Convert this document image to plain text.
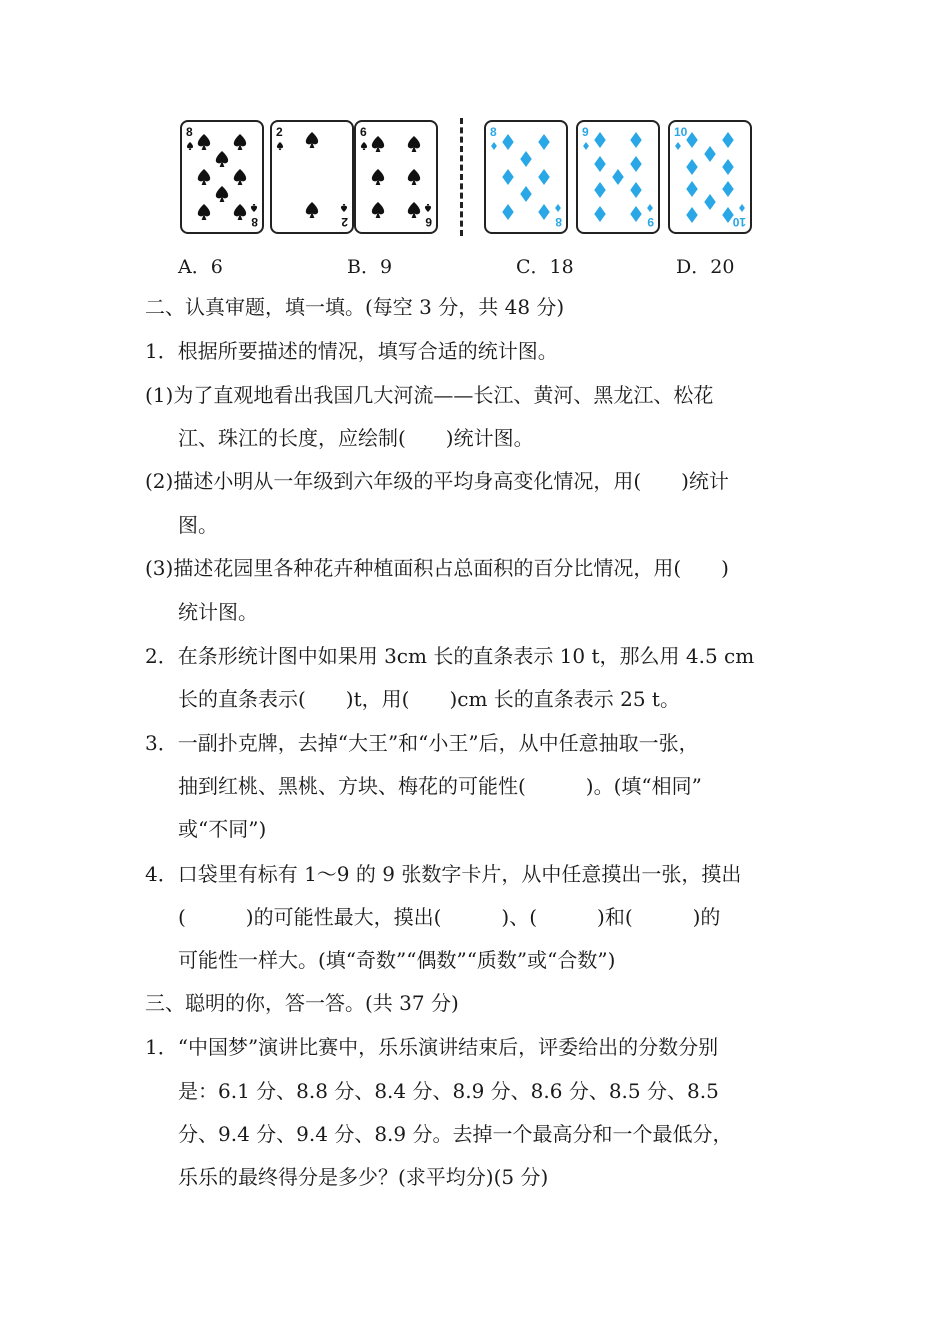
8
8
2
2
6
6
8
8
9
9
10
10
A．6	B．9	C．18	D．20
二、认真审题，填一填。(每空 3 分，共 48 分)
1．根据所要描述的情况，填写合适的统计图。
(1)为了直观地看出我国几大河流——长江、黄河、黑龙江、松花
江、珠江的长度，应绘制(　　)统计图。
(2)描述小明从一年级到六年级的平均身高变化情况，用(　　)统计
图。
(3)描述花园里各种花卉种植面积占总面积的百分比情况，用(　　)
统计图。
2．在条形统计图中如果用 3cm 长的直条表示 10 t，那么用 4.5 cm
长的直条表示(　　)t，用(　　)cm 长的直条表示 25 t。
3．一副扑克牌，去掉“大王”和“小王”后，从中任意抽取一张，
抽到红桃、黑桃、方块、梅花的可能性(　　　)。(填“相同”
或“不同”)
4．口袋里有标有 1～9 的 9 张数字卡片，从中任意摸出一张，摸出
(　　　)的可能性最大，摸出(　　　)、(　　　)和(　　　)的
可能性一样大。(填“奇数”“偶数”“质数”或“合数”)
三、聪明的你，答一答。(共 37 分)
1．“中国梦”演讲比赛中，乐乐演讲结束后，评委给出的分数分别
是：6.1 分、8.8 分、8.4 分、8.9 分、8.6 分、8.5 分、8.5
分、9.4 分、9.4 分、8.9 分。去掉一个最高分和一个最低分，
乐乐的最终得分是多少？(求平均分)(5 分)
